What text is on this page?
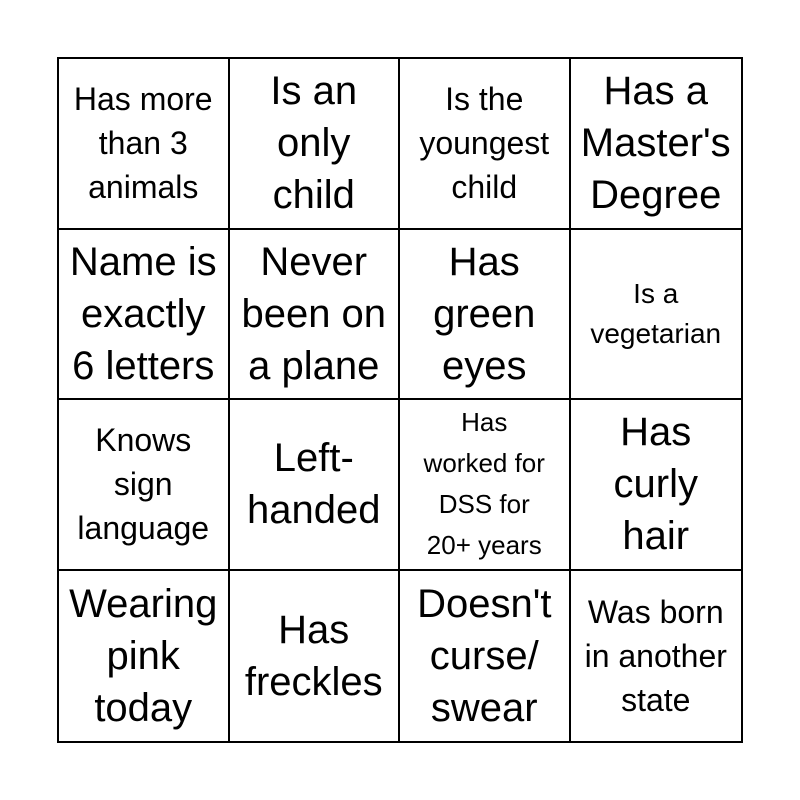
Has more
than 3
animals
Is an
only
child
Is the
youngest
child
Has a
Master's
Degree
Name is
exactly
6 letters
Never
been on
a plane
Has
green
eyes
Is a
vegetarian
Knows
sign
language
Left-
handed
Has
worked for
DSS for
20+ years
Has
curly
hair
Wearing
pink
today
Has
freckles
Doesn't
curse/
swear
Was born
in another
state
